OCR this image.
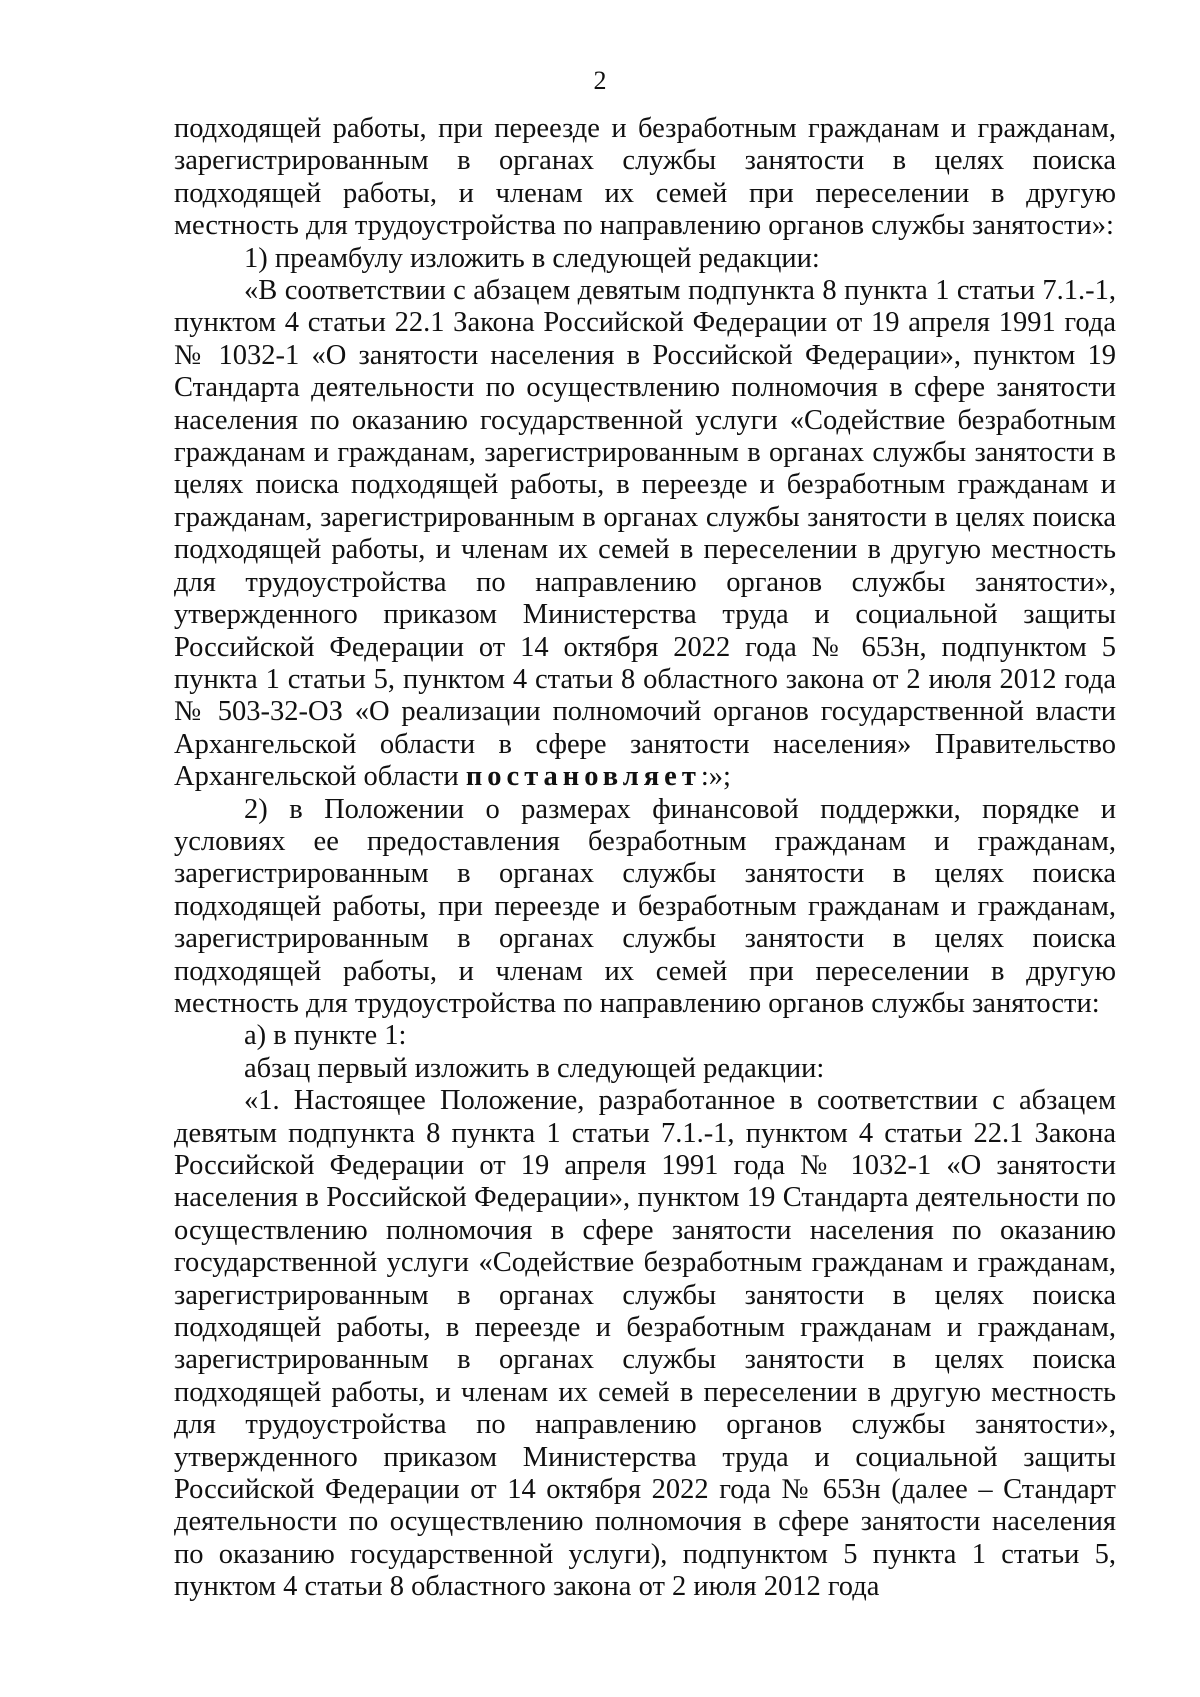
2

подходящей работы, при переезде и безработным гражданам и гражданам, зарегистрированным в органах службы занятости в целях поиска подходящей работы, и членам их семей при переселении в другую местность для трудоустройства по направлению органов службы занятости»:

1) преамбулу изложить в следующей редакции:

«В соответствии с абзацем девятым подпункта 8 пункта 1 статьи 7.1.-1, пунктом 4 статьи 22.1 Закона Российской Федерации от 19 апреля 1991 года № 1032-1 «О занятости населения в Российской Федерации», пунктом 19 Стандарта деятельности по осуществлению полномочия в сфере занятости населения по оказанию государственной услуги «Содействие безработным гражданам и гражданам, зарегистрированным в органах службы занятости в целях поиска подходящей работы, в переезде и безработным гражданам и гражданам, зарегистрированным в органах службы занятости в целях поиска подходящей работы, и членам их семей в переселении в другую местность для трудоустройства по направлению органов службы занятости», утвержденного приказом Министерства труда и социальной защиты Российской Федерации от 14 октября 2022 года № 653н, подпунктом 5 пункта 1 статьи 5, пунктом 4 статьи 8 областного закона от 2 июля 2012 года № 503-32-ОЗ «О реализации полномочий органов государственной власти Архангельской области в сфере занятости населения» Правительство Архангельской области постановляет:»;

2) в Положении о размерах финансовой поддержки, порядке и условиях ее предоставления безработным гражданам и гражданам, зарегистрированным в органах службы занятости в целях поиска подходящей работы, при переезде и безработным гражданам и гражданам, зарегистрированным в органах службы занятости в целях поиска подходящей работы, и членам их семей при переселении в другую местность для трудоустройства по направлению органов службы занятости:

а) в пункте 1:

абзац первый изложить в следующей редакции:

«1. Настоящее Положение, разработанное в соответствии с абзацем девятым подпункта 8 пункта 1 статьи 7.1.-1, пунктом 4 статьи 22.1 Закона Российской Федерации от 19 апреля 1991 года № 1032-1 «О занятости населения в Российской Федерации», пунктом 19 Стандарта деятельности по осуществлению полномочия в сфере занятости населения по оказанию государственной услуги «Содействие безработным гражданам и гражданам, зарегистрированным в органах службы занятости в целях поиска подходящей работы, в переезде и безработным гражданам и гражданам, зарегистрированным в органах службы занятости в целях поиска подходящей работы, и членам их семей в переселении в другую местность для трудоустройства по направлению органов службы занятости», утвержденного приказом Министерства труда и социальной защиты Российской Федерации от 14 октября 2022 года № 653н (далее – Стандарт деятельности по осуществлению полномочия в сфере занятости населения по оказанию государственной услуги), подпунктом 5 пункта 1 статьи 5, пунктом 4 статьи 8 областного закона от 2 июля 2012 года
